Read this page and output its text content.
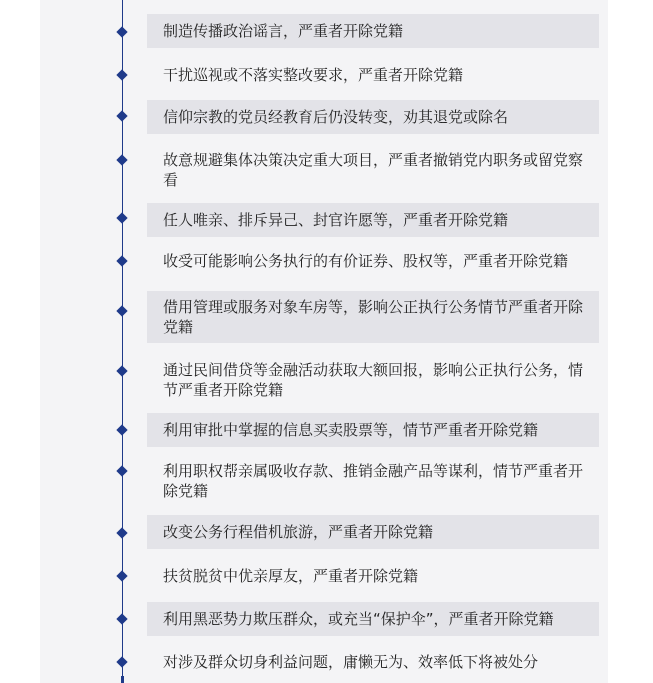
制造传播政治谣言，严重者开除党籍
干扰巡视或不落实整改要求，严重者开除党籍
信仰宗教的党员经教育后仍没转变，劝其退党或除名
故意规避集体决策决定重大项目，严重者撤销党内职务或留党察看
任人唯亲、排斥异己、封官许愿等，严重者开除党籍
收受可能影响公务执行的有价证券、股权等，严重者开除党籍
借用管理或服务对象车房等，影响公正执行公务情节严重者开除党籍
通过民间借贷等金融活动获取大额回报，影响公正执行公务，情节严重者开除党籍
利用审批中掌握的信息买卖股票等，情节严重者开除党籍
利用职权帮亲属吸收存款、推销金融产品等谋利，情节严重者开除党籍
改变公务行程借机旅游，严重者开除党籍
扶贫脱贫中优亲厚友，严重者开除党籍
利用黑恶势力欺压群众，或充当“保护伞”，严重者开除党籍
对涉及群众切身利益问题，庸懒无为、效率低下将被处分
